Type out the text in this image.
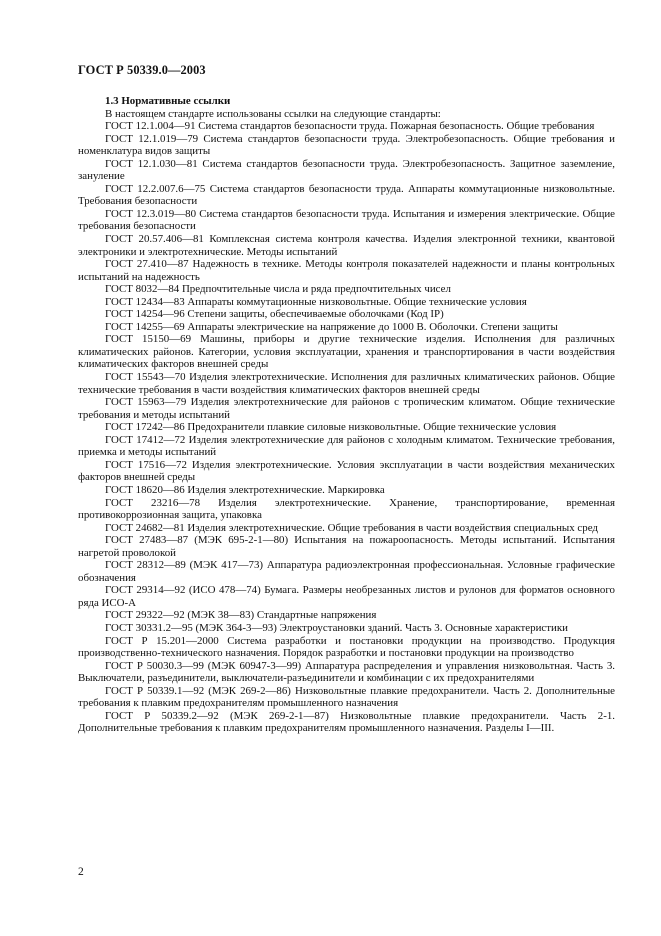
ГОСТ Р 50339.0—2003

1.3 Нормативные ссылки

В настоящем стандарте использованы ссылки на следующие стандарты:

ГОСТ 12.1.004—91 Система стандартов безопасности труда. Пожарная безопасность. Общие требования
ГОСТ 12.1.019—79 Система стандартов безопасности труда. Электробезопасность. Общие требования и номенклатура видов защиты
ГОСТ 12.1.030—81 Система стандартов безопасности труда. Электробезопасность. Защитное заземление, зануление
ГОСТ 12.2.007.6—75 Система стандартов безопасности труда. Аппараты коммутационные низковольтные. Требования безопасности
ГОСТ 12.3.019—80 Система стандартов безопасности труда. Испытания и измерения электрические. Общие требования безопасности
ГОСТ 20.57.406—81 Комплексная система контроля качества. Изделия электронной техники, квантовой электроники и электротехнические. Методы испытаний
ГОСТ 27.410—87 Надежность в технике. Методы контроля показателей надежности и планы контрольных испытаний на надежность
ГОСТ 8032—84 Предпочтительные числа и ряда предпочтительных чисел
ГОСТ 12434—83 Аппараты коммутационные низковольтные. Общие технические условия
ГОСТ 14254—96 Степени защиты, обеспечиваемые оболочками (Код IP)
ГОСТ 14255—69 Аппараты электрические на напряжение до 1000 В. Оболочки. Степени защиты
ГОСТ 15150—69 Машины, приборы и другие технические изделия. Исполнения для различных климатических районов. Категории, условия эксплуатации, хранения и транспортирования в части воздействия климатических факторов внешней среды
ГОСТ 15543—70 Изделия электротехнические. Исполнения для различных климатических районов. Общие технические требования в части воздействия климатических факторов внешней среды
ГОСТ 15963—79 Изделия электротехнические для районов с тропическим климатом. Общие технические требования и методы испытаний
ГОСТ 17242—86 Предохранители плавкие силовые низковольтные. Общие технические условия
ГОСТ 17412—72 Изделия электротехнические для районов с холодным климатом. Технические требования, приемка и методы испытаний
ГОСТ 17516—72 Изделия электротехнические. Условия эксплуатации в части воздействия механических факторов внешней среды
ГОСТ 18620—86 Изделия электротехнические. Маркировка
ГОСТ 23216—78 Изделия электротехнические. Хранение, транспортирование, временная противокоррозионная защита, упаковка
ГОСТ 24682—81 Изделия электротехнические. Общие требования в части воздействия специальных сред
ГОСТ 27483—87 (МЭК 695-2-1—80) Испытания на пожароопасность. Методы испытаний. Испытания нагретой проволокой
ГОСТ 28312—89 (МЭК 417—73) Аппаратура радиоэлектронная профессиональная. Условные графические обозначения
ГОСТ 29314—92 (ИСО 478—74) Бумага. Размеры необрезанных листов и рулонов для форматов основного ряда ИСО-А
ГОСТ 29322—92 (МЭК 38—83) Стандартные напряжения
ГОСТ 30331.2—95 (МЭК 364-3—93) Электроустановки зданий. Часть 3. Основные характеристики
ГОСТ Р 15.201—2000 Система разработки и постановки продукции на производство. Продукция производственно-технического назначения. Порядок разработки и постановки продукции на производство
ГОСТ Р 50030.3—99 (МЭК 60947-3—99) Аппаратура распределения и управления низковольтная. Часть 3. Выключатели, разъединители, выключатели-разъединители и комбинации с их предохранителями
ГОСТ Р 50339.1—92 (МЭК 269-2—86) Низковольтные плавкие предохранители. Часть 2. Дополнительные требования к плавким предохранителям промышленного назначения
ГОСТ Р 50339.2—92 (МЭК 269-2-1—87) Низковольтные плавкие предохранители. Часть 2-1. Дополнительные требования к плавким предохранителям промышленного назначения. Разделы I—III.

2
